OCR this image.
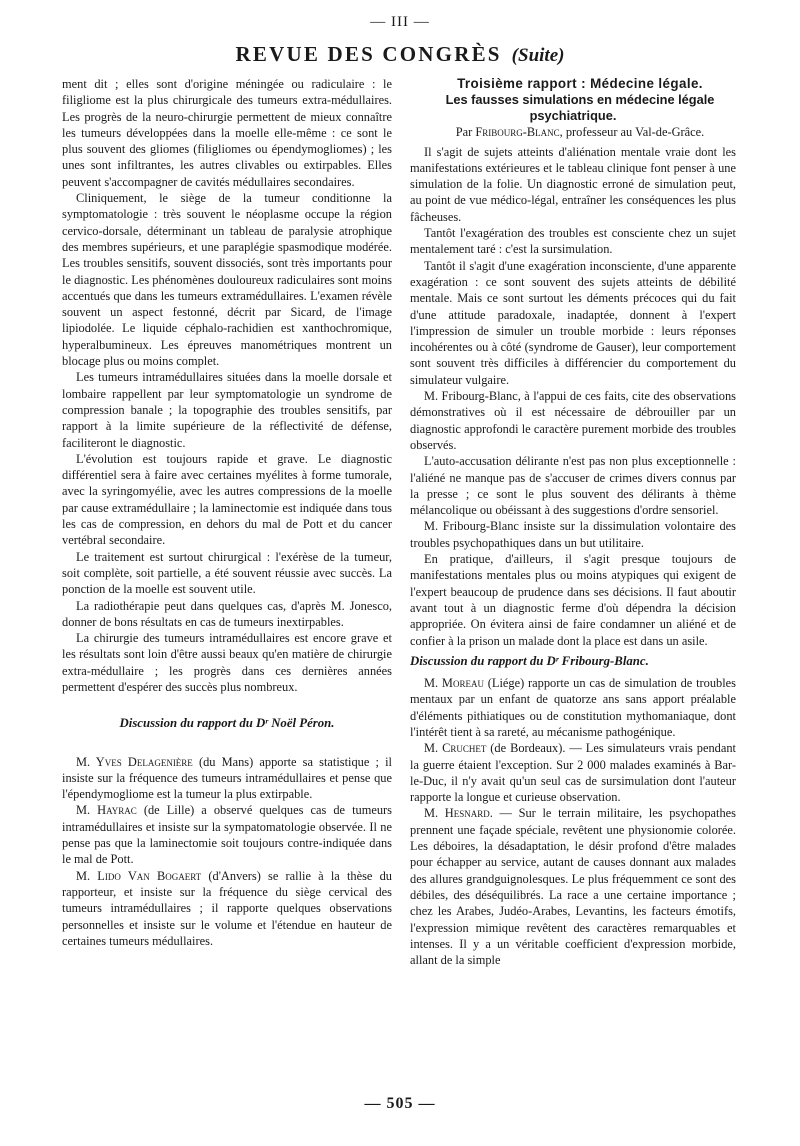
— III —
REVUE DES CONGRÈS (Suite)

ment dit ; elles sont d'origine méningée ou radiculaire : le filigliome est la plus chirurgicale des tumeurs extra-médullaires. Les progrès de la neuro-chirurgie permettent de mieux connaître les tumeurs développées dans la moelle elle-même : ce sont le plus souvent des gliomes (filigliomes ou épendymogliomes) ; les unes sont infiltrantes, les autres clivables ou extirpables. Elles peuvent s'accompagner de cavités médullaires secondaires.

Cliniquement, le siège de la tumeur conditionne la symptomatologie : très souvent le néoplasme occupe la région cervico-dorsale, déterminant un tableau de paralysie atrophique des membres supérieurs, et une paraplégie spasmodique modérée. Les troubles sensitifs, souvent dissociés, sont très importants pour le diagnostic. Les phénomènes douloureux radiculaires sont moins accentués que dans les tumeurs extramédullaires. L'examen révèle souvent un aspect festonné, décrit par Sicard, de l'image lipiodolée. Le liquide céphalo-rachidien est xanthochromique, hyperalbumineux. Les épreuves manométriques montrent un blocage plus ou moins complet.

Les tumeurs intramédullaires situées dans la moelle dorsale et lombaire rappellent par leur symptomatologie un syndrome de compression banale ; la topographie des troubles sensitifs, par rapport à la limite supérieure de la réflectivité de défense, faciliteront le diagnostic.

L'évolution est toujours rapide et grave. Le diagnostic différentiel sera à faire avec certaines myélites à forme tumorale, avec la syringomyélie, avec les autres compressions de la moelle par cause extramédullaire ; la laminectomie est indiquée dans tous les cas de compression, en dehors du mal de Pott et du cancer vertébral secondaire.

Le traitement est surtout chirurgical : l'exérèse de la tumeur, soit complète, soit partielle, a été souvent réussie avec succès. La ponction de la moelle est souvent utile.

La radiothérapie peut dans quelques cas, d'après M. Jonesco, donner de bons résultats en cas de tumeurs inextirpables.

La chirurgie des tumeurs intramédullaires est encore grave et les résultats sont loin d'être aussi beaux qu'en matière de chirurgie extra-médullaire ; les progrès dans ces dernières années permettent d'espérer des succès plus nombreux.

Discussion du rapport du Dʳ Noël Péron.

M. Yves Delagenière (du Mans) apporte sa statistique ; il insiste sur la fréquence des tumeurs intramédullaires et pense que l'épendymogliome est la tumeur la plus extirpable.

M. Hayrac (de Lille) a observé quelques cas de tumeurs intramédullaires et insiste sur la sympatomatologie observée. Il ne pense pas que la laminectomie soit toujours contre-indiquée dans le mal de Pott.

M. Lido Van Bogaert (d'Anvers) se rallie à la thèse du rapporteur, et insiste sur la fréquence du siège cervical des tumeurs intramédullaires ; il rapporte quelques observations personnelles et insiste sur le volume et l'étendue en hauteur de certaines tumeurs médullaires.

Troisième rapport : Médecine légale.

Les fausses simulations en médecine légale psychiatrique.

Par Fribourg-Blanc, professeur au Val-de-Grâce.

Il s'agit de sujets atteints d'aliénation mentale vraie dont les manifestations extérieures et le tableau clinique font penser à une simulation de la folie. Un diagnostic erroné de simulation peut, au point de vue médico-légal, entraîner les conséquences les plus fâcheuses.

Tantôt l'exagération des troubles est consciente chez un sujet mentalement taré : c'est la sursimulation.

Tantôt il s'agit d'une exagération inconsciente, d'une apparente exagération : ce sont souvent des sujets atteints de débilité mentale. Mais ce sont surtout les déments précoces qui du fait d'une attitude paradoxale, inadaptée, donnent à l'expert l'impression de simuler un trouble morbide : leurs réponses incohérentes ou à côté (syndrome de Gauser), leur comportement sont souvent très difficiles à différencier du comportement du simulateur vulgaire.

M. Fribourg-Blanc, à l'appui de ces faits, cite des observations démonstratives où il est nécessaire de débrouiller par un diagnostic approfondi le caractère purement morbide des troubles observés.

L'auto-accusation délirante n'est pas non plus exceptionnelle : l'aliéné ne manque pas de s'accuser de crimes divers connus par la presse ; ce sont le plus souvent des délirants à thème mélancolique ou obéissant à des suggestions d'ordre sensoriel.

M. Fribourg-Blanc insiste sur la dissimulation volontaire des troubles psychopathiques dans un but utilitaire.

En pratique, d'ailleurs, il s'agit presque toujours de manifestations mentales plus ou moins atypiques qui exigent de l'expert beaucoup de prudence dans ses décisions. Il faut aboutir avant tout à un diagnostic ferme d'où dépendra la décision appropriée. On évitera ainsi de faire condamner un aliéné et de confier à la prison un malade dont la place est dans un asile.

Discussion du rapport du Dʳ Fribourg-Blanc.

M. Moreau (Liége) rapporte un cas de simulation de troubles mentaux par un enfant de quatorze ans sans apport préalable d'éléments pithiatiques ou de constitution mythomaniaque, dont l'intérêt tient à sa rareté, au mécanisme pathogénique.

M. Cruchet (de Bordeaux). — Les simulateurs vrais pendant la guerre étaient l'exception. Sur 2 000 malades examinés à Bar-le-Duc, il n'y avait qu'un seul cas de sursimulation dont l'auteur rapporte la longue et curieuse observation.

M. Hesnard. — Sur le terrain militaire, les psychopathes prennent une façade spéciale, revêtent une physionomie colorée. Les déboires, la désadaptation, le désir profond d'être malades pour échapper au service, autant de causes donnant aux malades des allures grandguignolesques. Le plus fréquemment ce sont des débiles, des déséquilibrés. La race a une certaine importance ; chez les Arabes, Judéo-Arabes, Levantins, les facteurs émotifs, l'expression mimique revêtent des caractères remarquables et intenses. Il y a un véritable coefficient d'expression morbide, allant de la simple

— 505 —
